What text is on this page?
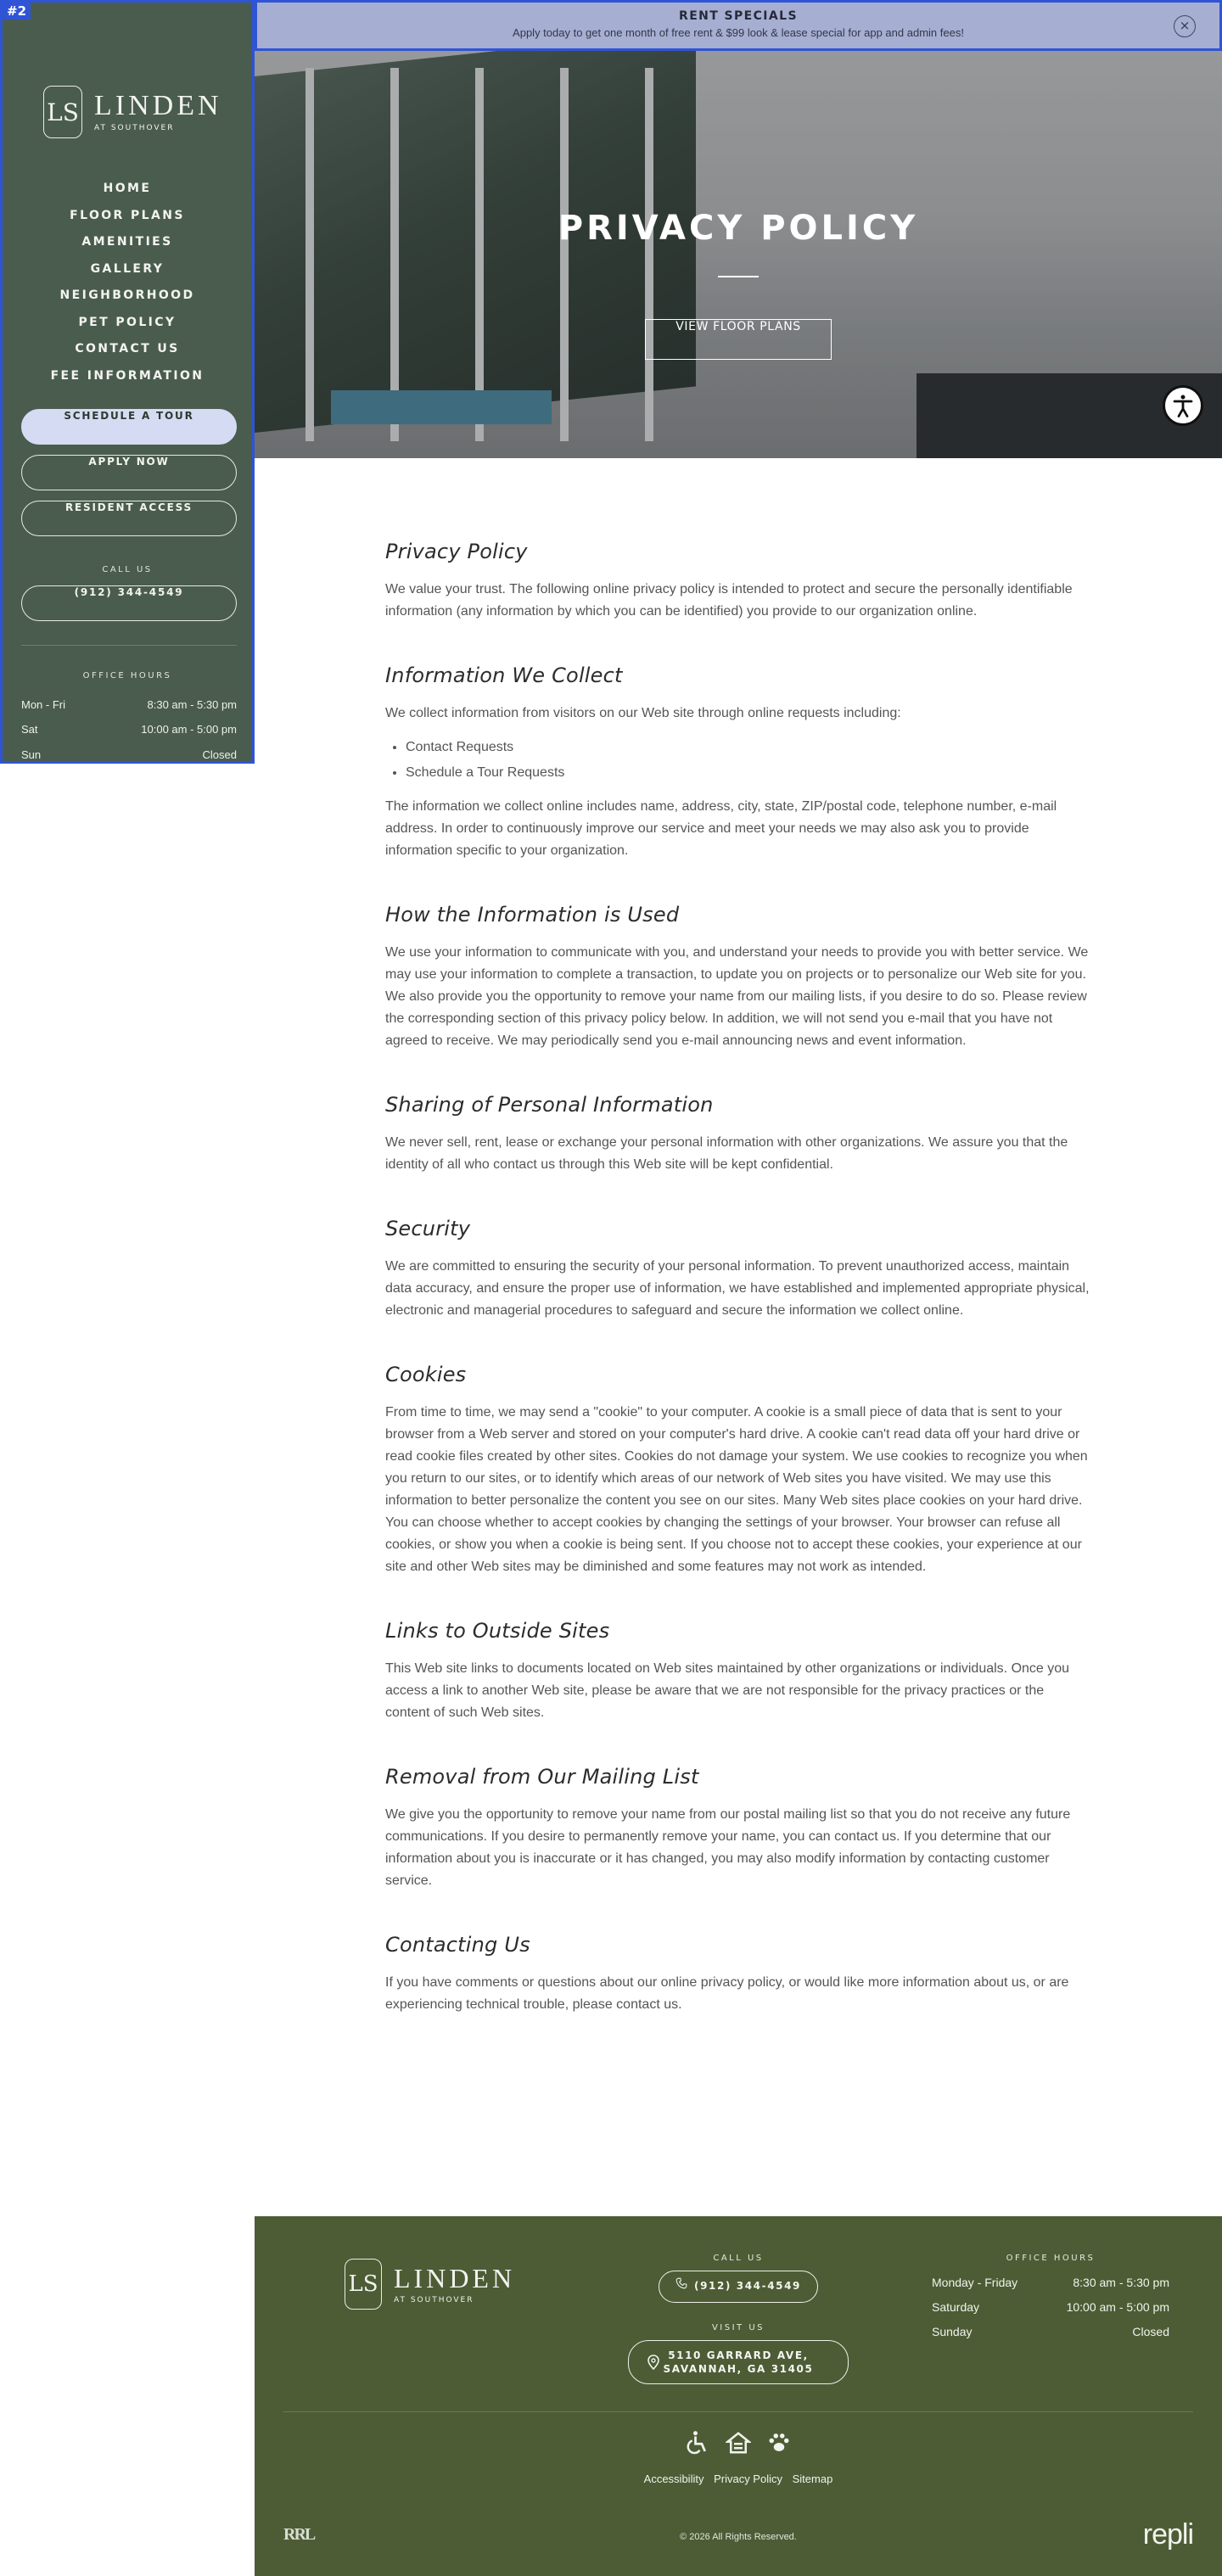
#2
LS LINDEN
AT SOUTHOVER
HOME
FLOOR PLANS
AMENITIES
GALLERY
NEIGHBORHOOD
PET POLICY
CONTACT US
FEE INFORMATION
SCHEDULE A TOUR
APPLY NOW
RESIDENT ACCESS
CALL US
(912) 344-4549
OFFICE HOURS
Mon - Fri	8:30 am - 5:30 pm
Sat	10:00 am - 5:00 pm
Sun	Closed
RENT SPECIALS
Apply today to get one month of free rent & $99 look & lease special for app and admin fees!	×
PRIVACY POLICY
VIEW FLOOR PLANS
Privacy Policy

We value your trust. The following online privacy policy is intended to protect and secure the personally identifiable information (any information by which you can be identified) you provide to our organization online.

Information We Collect

We collect information from visitors on our Web site through online requests including:

• Contact Requests
• Schedule a Tour Requests

The information we collect online includes name, address, city, state, ZIP/postal code, telephone number, e-mail address. In order to continuously improve our service and meet your needs we may also ask you to provide information specific to your organization.

How the Information is Used

We use your information to communicate with you, and understand your needs to provide you with better service. We may use your information to complete a transaction, to update you on projects or to personalize our Web site for you. We also provide you the opportunity to remove your name from our mailing lists, if you desire to do so. Please review the corresponding section of this privacy policy below. In addition, we will not send you e-mail that you have not agreed to receive. We may periodically send you e-mail announcing news and event information.

Sharing of Personal Information

We never sell, rent, lease or exchange your personal information with other organizations. We assure you that the identity of all who contact us through this Web site will be kept confidential.

Security

We are committed to ensuring the security of your personal information. To prevent unauthorized access, maintain data accuracy, and ensure the proper use of information, we have established and implemented appropriate physical, electronic and managerial procedures to safeguard and secure the information we collect online.

Cookies

From time to time, we may send a "cookie" to your computer. A cookie is a small piece of data that is sent to your browser from a Web server and stored on your computer's hard drive. A cookie can't read data off your hard drive or read cookie files created by other sites. Cookies do not damage your system. We use cookies to recognize you when you return to our sites, or to identify which areas of our network of Web sites you have visited. We may use this information to better personalize the content you see on our sites. Many Web sites place cookies on your hard drive. You can choose whether to accept cookies by changing the settings of your browser. Your browser can refuse all cookies, or show you when a cookie is being sent. If you choose not to accept these cookies, your experience at our site and other Web sites may be diminished and some features may not work as intended.

Links to Outside Sites

This Web site links to documents located on Web sites maintained by other organizations or individuals. Once you access a link to another Web site, please be aware that we are not responsible for the privacy practices or the content of such Web sites.

Removal from Our Mailing List

We give you the opportunity to remove your name from our postal mailing list so that you do not receive any future communications. If you desire to permanently remove your name, you can contact us. If you determine that our information about you is inaccurate or it has changed, you may also modify information by contacting customer service.

Contacting Us

If you have comments or questions about our online privacy policy, or would like more information about us, or are experiencing technical trouble, please contact us.

LS LINDEN
AT SOUTHOVER
CALL US
(912) 344-4549
VISIT US
5110 GARRARD AVE,
SAVANNAH, GA 31405
OFFICE HOURS
Monday - Friday	8:30 am - 5:30 pm
Saturday	10:00 am - 5:00 pm
Sunday	Closed
Accessibility Privacy Policy Sitemap
RRL	© 2026 All Rights Reserved.	repli
